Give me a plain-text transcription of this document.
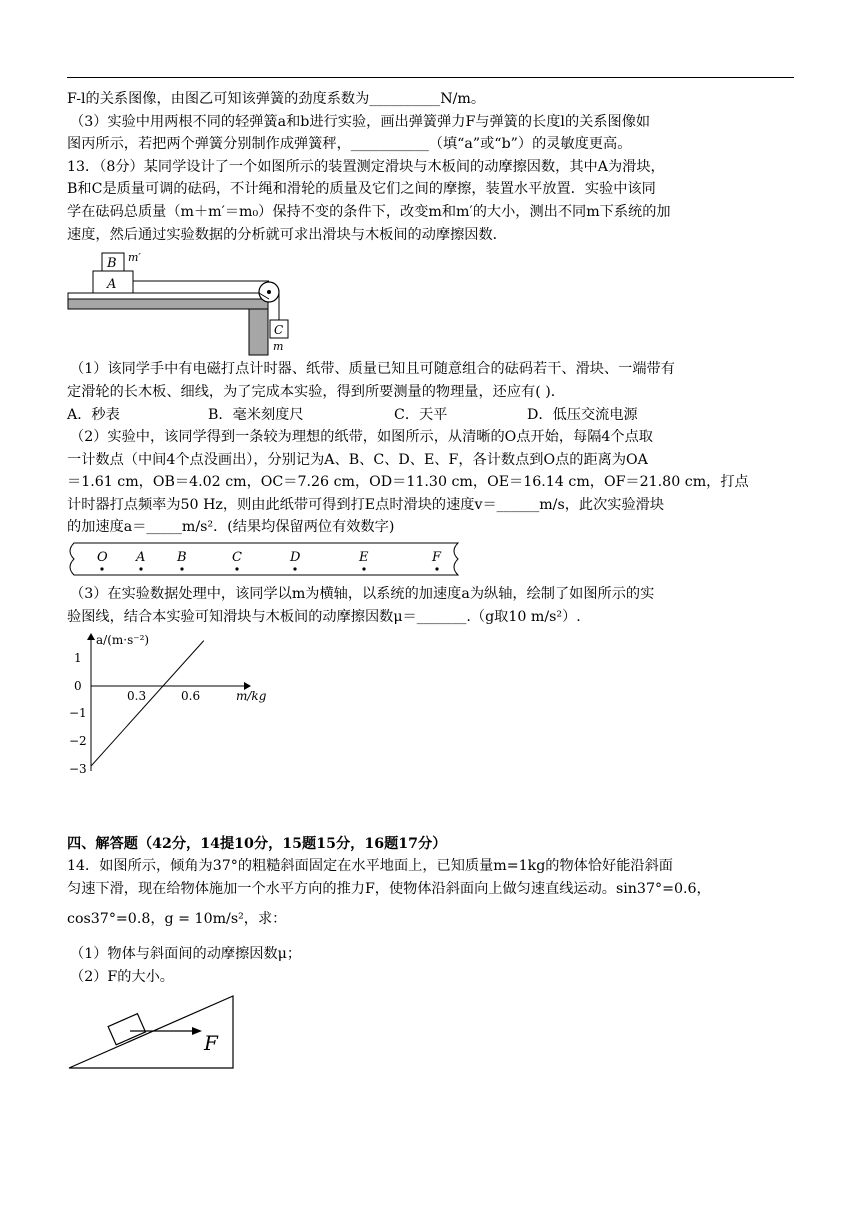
F-l的关系图像，由图乙可知该弹簧的劲度系数为__________N/m。
（3）实验中用两根不同的轻弹簧a和b进行实验，画出弹簧弹力F与弹簧的长度l的关系图像如
图丙所示，若把两个弹簧分别制作成弹簧秤，___________（填“a”或“b”）的灵敏度更高。
13．（8分）某同学设计了一个如图所示的装置测定滑块与木板间的动摩擦因数，其中A为滑块，
B和C是质量可调的砝码，不计绳和滑轮的质量及它们之间的摩擦，装置水平放置．实验中该同
学在砝码总质量（m＋m′＝m₀）保持不变的条件下，改变m和m′的大小，测出不同m下系统的加
速度，然后通过实验数据的分析就可求出滑块与木板间的动摩擦因数．
A
B m′
C
m
（1）该同学手中有电磁打点计时器、纸带、质量已知且可随意组合的砝码若干、滑块、一端带有
定滑轮的长木板、细线，为了完成本实验，得到所要测量的物理量，还应有( )．
A．秒表	B．毫米刻度尺	C．天平	D．低压交流电源
（2）实验中，该同学得到一条较为理想的纸带，如图所示，从清晰的O点开始，每隔4个点取
一计数点（中间4个点没画出），分别记为A、B、C、D、E、F，各计数点到O点的距离为OA
＝1.61 cm，OB＝4.02 cm，OC＝7.26 cm，OD＝11.30 cm，OE＝16.14 cm，OF＝21.80 cm，打点
计时器打点频率为50 Hz，则由此纸带可得到打E点时滑块的速度v＝______m/s，此次实验滑块
的加速度a＝_____m/s²．(结果均保留两位有效数字)
O A B	C	D	E	F
（3）在实验数据处理中，该同学以m为横轴，以系统的加速度a为纵轴，绘制了如图所示的实
验图线，结合本实验可知滑块与木板间的动摩擦因数μ＝_______.（g取10 m/s²）.
a/(m·s⁻²)
m/kg
1
0
−1
−2
−3
0.3	0.6
四、解答题（42分，14提10分，15题15分，16题17分）
14．如图所示，倾角为37°的粗糙斜面固定在水平地面上，已知质量m=1kg的物体恰好能沿斜面
匀速下滑，现在给物体施加一个水平方向的推力F，使物体沿斜面向上做匀速直线运动。sin37°=0.6，
cos37°=0.8，g = 10m/s²，求：
（1）物体与斜面间的动摩擦因数μ；
（2）F的大小。
F
